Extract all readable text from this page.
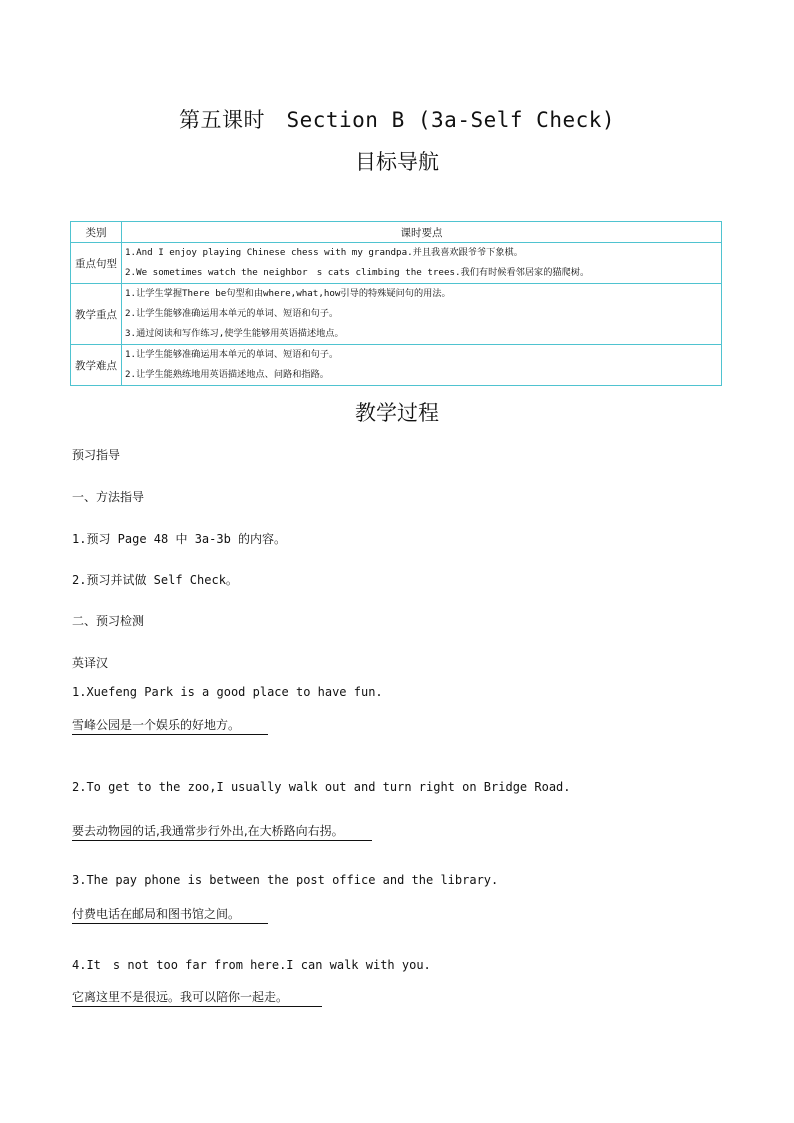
第五课时　Section B (3a-Self Check)
目标导航
类别	课时要点
重点句型	1.And I enjoy playing Chinese chess with my grandpa.并且我喜欢跟爷爷下象棋。
2.We sometimes watch the neighbor　s cats climbing the trees.我们有时候看邻居家的猫爬树。

教学重点	1.让学生掌握There be句型和由where,what,how引导的特殊疑问句的用法。
2.让学生能够准确运用本单元的单词、短语和句子。
3.通过阅读和写作练习,使学生能够用英语描述地点。

教学难点	1.让学生能够准确运用本单元的单词、短语和句子。
2.让学生能熟练地用英语描述地点、问路和指路。
教学过程
预习指导
一、方法指导
1.预习 Page 48 中 3a-3b 的内容。
2.预习并试做 Self Check。
二、预习检测
英译汉
1.Xuefeng Park is a good place to have fun.
雪峰公园是一个娱乐的好地方。
2.To get to the zoo,I usually walk out and turn right on Bridge Road.
要去动物园的话,我通常步行外出,在大桥路向右拐。
3.The pay phone is between the post office and the library.
付费电话在邮局和图书馆之间。
4.It　s not too far from here.I can walk with you.
它离这里不是很远。我可以陪你一起走。
